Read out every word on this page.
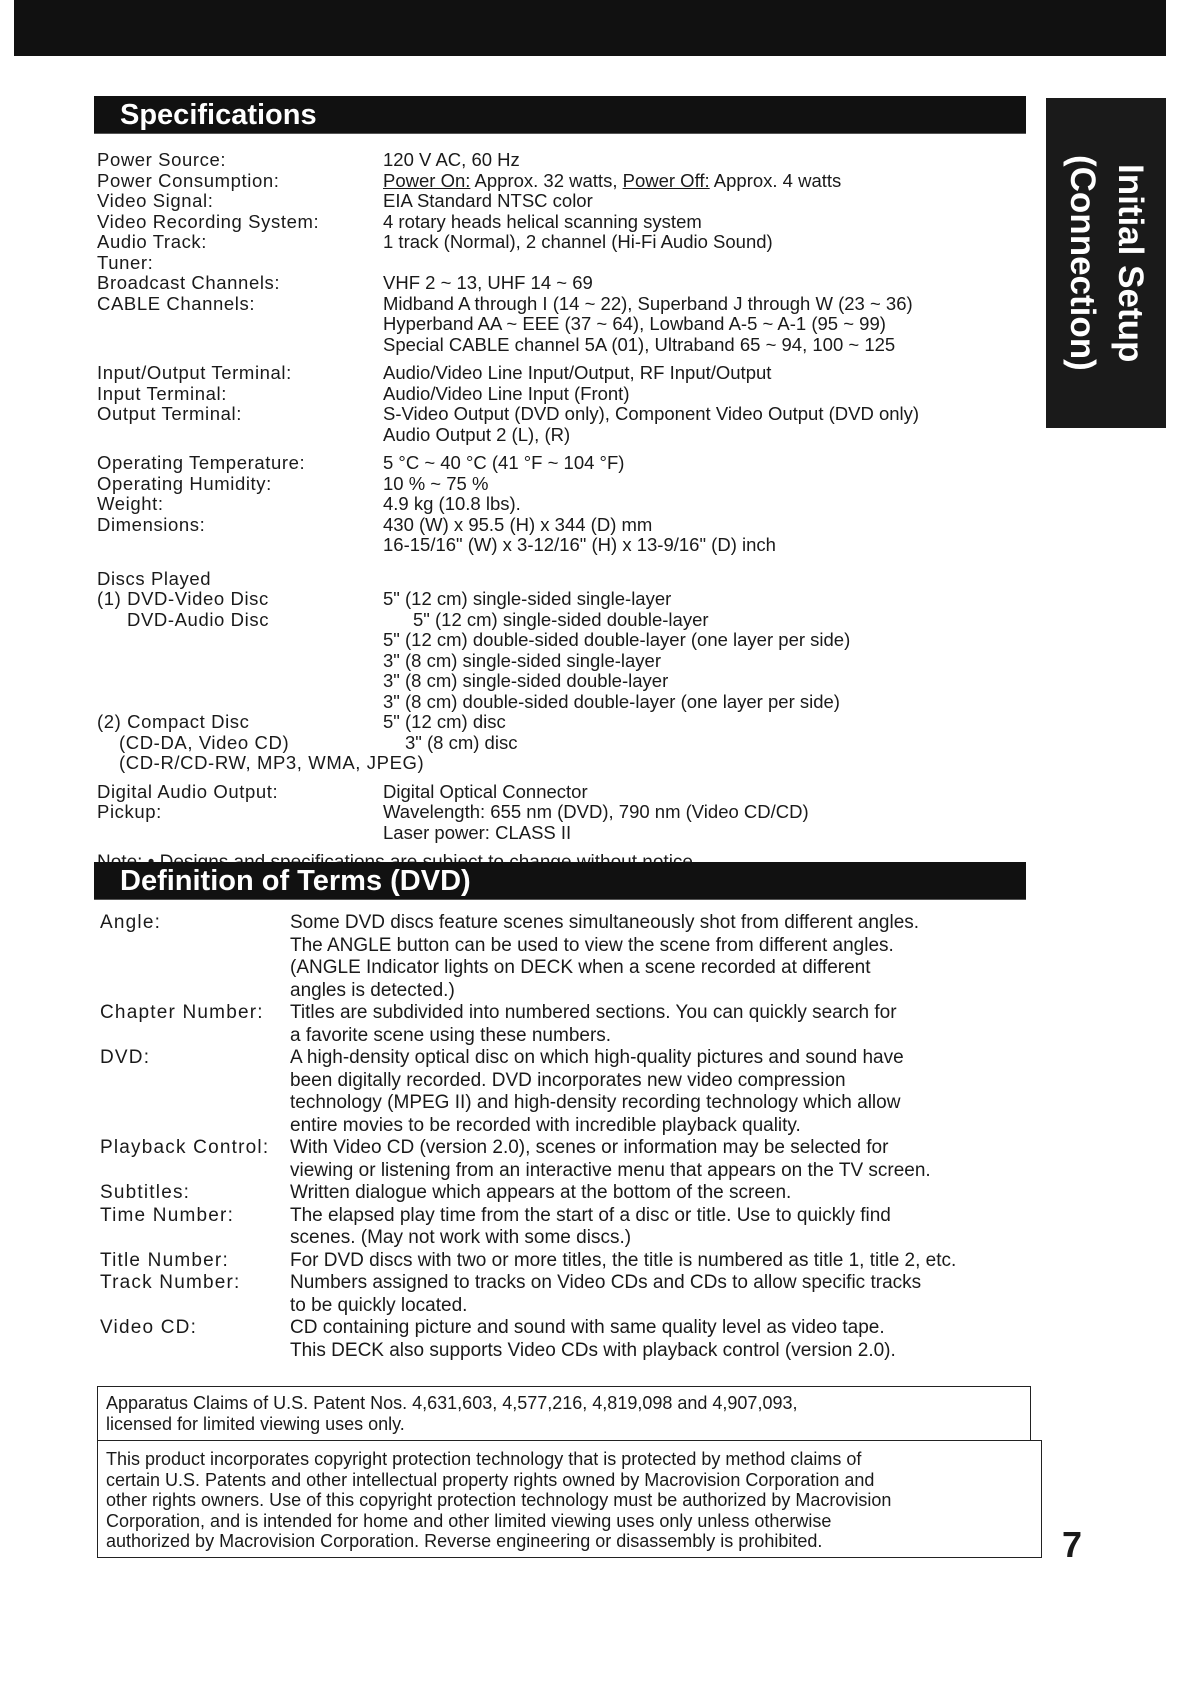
Specifications
Initial Setup
(Connection)
Power Source:	120 V AC, 60 Hz
Power Consumption:	Power On: Approx. 32 watts, Power Off: Approx. 4 watts
Video Signal:	EIA Standard NTSC color
Video Recording System:	4 rotary heads helical scanning system
Audio Track:	1 track (Normal), 2 channel (Hi-Fi Audio Sound)
Tuner:
Broadcast Channels:	VHF 2 ~ 13, UHF 14 ~ 69
CABLE Channels:	Midband A through I (14 ~ 22), Superband J through W (23 ~ 36)
Hyperband AA ~ EEE (37 ~ 64), Lowband A-5 ~ A-1 (95 ~ 99)
Special CABLE channel 5A (01), Ultraband 65 ~ 94, 100 ~ 125
Input/Output Terminal:	Audio/Video Line Input/Output, RF Input/Output
Input Terminal:	Audio/Video Line Input (Front)
Output Terminal:	S-Video Output (DVD only), Component Video Output (DVD only)
Audio Output 2 (L), (R)
Operating Temperature:	5 °C ~ 40 °C (41 °F ~ 104 °F)
Operating Humidity:	10 % ~ 75 %
Weight:	4.9 kg (10.8 lbs).
Dimensions:	430 (W) x 95.5 (H) x 344 (D) mm
16-15/16" (W) x 3-12/16" (H) x 13-9/16" (D) inch
Discs Played
(1) DVD-Video Disc	5" (12 cm) single-sided single-layer
DVD-Audio Disc	5" (12 cm) single-sided double-layer
5" (12 cm) double-sided double-layer (one layer per side)
3" (8 cm) single-sided single-layer
3" (8 cm) single-sided double-layer
3" (8 cm) double-sided double-layer (one layer per side)
(2) Compact Disc	5" (12 cm) disc
(CD-DA, Video CD)	3" (8 cm) disc
(CD-R/CD-RW, MP3, WMA, JPEG)
Digital Audio Output:	Digital Optical Connector
Pickup:	Wavelength: 655 nm (DVD), 790 nm (Video CD/CD)
Laser power: CLASS II
Definition of Terms (DVD)
Angle:	Some DVD discs feature scenes simultaneously shot from different angles.
The ANGLE button can be used to view the scene from different angles.
(ANGLE Indicator lights on DECK when a scene recorded at different
angles is detected.)
Chapter Number:	Titles are subdivided into numbered sections. You can quickly search for
a favorite scene using these numbers.
DVD:	A high-density optical disc on which high-quality pictures and sound have
been digitally recorded. DVD incorporates new video compression
technology (MPEG II) and high-density recording technology which allow
entire movies to be recorded with incredible playback quality.
Playback Control:	With Video CD (version 2.0), scenes or information may be selected for
viewing or listening from an interactive menu that appears on the TV screen.
Subtitles:	Written dialogue which appears at the bottom of the screen.
Time Number:	The elapsed play time from the start of a disc or title. Use to quickly find
scenes. (May not work with some discs.)
Title Number:	For DVD discs with two or more titles, the title is numbered as title 1, title 2, etc.
Track Number:	Numbers assigned to tracks on Video CDs and CDs to allow specific tracks
to be quickly located.
Video CD:	CD containing picture and sound with same quality level as video tape.
This DECK also supports Video CDs with playback control (version 2.0).
Apparatus Claims of U.S. Patent Nos. 4,631,603, 4,577,216, 4,819,098 and 4,907,093,
licensed for limited viewing uses only.
This product incorporates copyright protection technology that is protected by method claims of
certain U.S. Patents and other intellectual property rights owned by Macrovision Corporation and
other rights owners. Use of this copyright protection technology must be authorized by Macrovision
Corporation, and is intended for home and other limited viewing uses only unless otherwise
authorized by Macrovision Corporation. Reverse engineering or disassembly is prohibited.	7
